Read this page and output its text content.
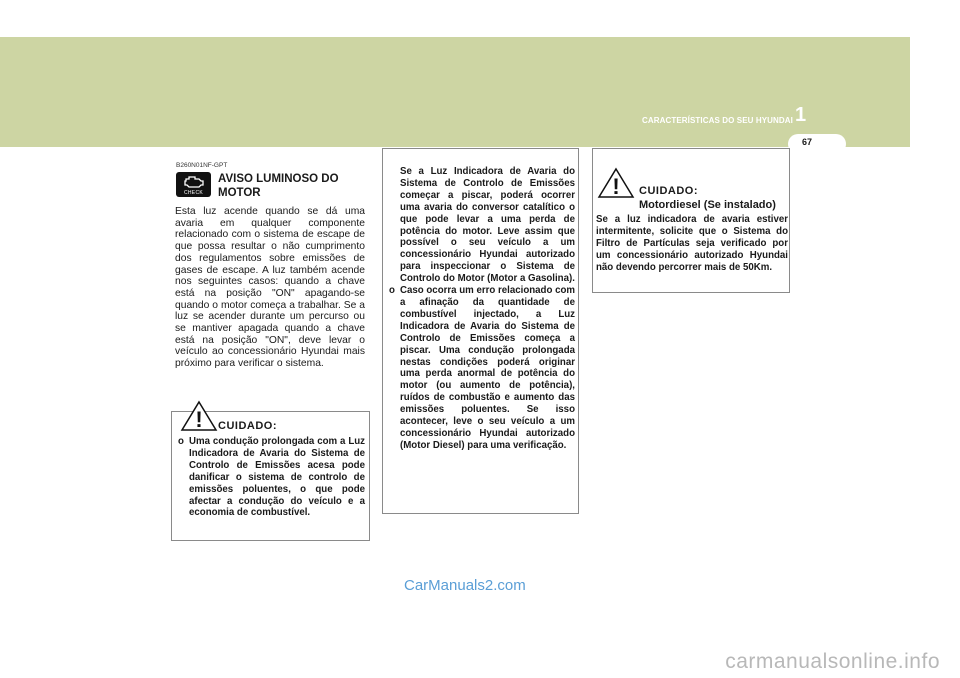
CARACTERÍSTICAS DO SEU HYUNDAI 1
67
B260N01NF-GPT
CHECK
AVISO LUMINOSO DO MOTOR
Esta luz acende quando se dá uma avaria em qualquer componente relacionado com o sistema de escape de que possa resultar o não cumprimento dos regulamentos sobre emissões de gases de escape. A luz também acende nos seguintes casos: quando a chave está na posição "ON" apagando-se quando o motor começa a trabalhar. Se a luz se acender durante um percurso ou se mantiver apagada quando a chave está na posição "ON", deve levar o veículo ao concessionário Hyundai mais próximo para verificar o sistema.
! CUIDADO:
o Uma condução prolongada com a Luz Indicadora de Avaria do Sistema de Controlo de Emissões acesa pode danificar o sistema de controlo de emissões poluentes, o que pode afectar a condução do veículo e a economia de combustível.
Se a Luz Indicadora de Avaria do Sistema de Controlo de Emissões começar a piscar, poderá ocorrer uma avaria do conversor catalítico o que pode levar a uma perda de potência do motor. Leve assim que possível o seu veículo a um concessionário Hyundai autorizado para inspeccionar o Sistema de Controlo do Motor (Motor a Gasolina).
o Caso ocorra um erro relacionado com a afinação da quantidade de combustível injectado, a Luz Indicadora de Avaria do Sistema de Controlo de Emissões começa a piscar. Uma condução prolongada nestas condições poderá originar uma perda anormal de potência do motor (ou aumento de potência), ruídos de combustão e aumento das emissões poluentes. Se isso acontecer, leve o seu veículo a um concessionário Hyundai autorizado (Motor Diesel) para uma verificação.
! CUIDADO:
Motordiesel (Se instalado)
Se a luz indicadora de avaria estiver intermitente, solicite que o Sistema do Filtro de Partículas seja verificado por um concessionário autorizado Hyundai não devendo percorrer mais de 50Km.
CarManuals2.com
carmanualsonline.info
